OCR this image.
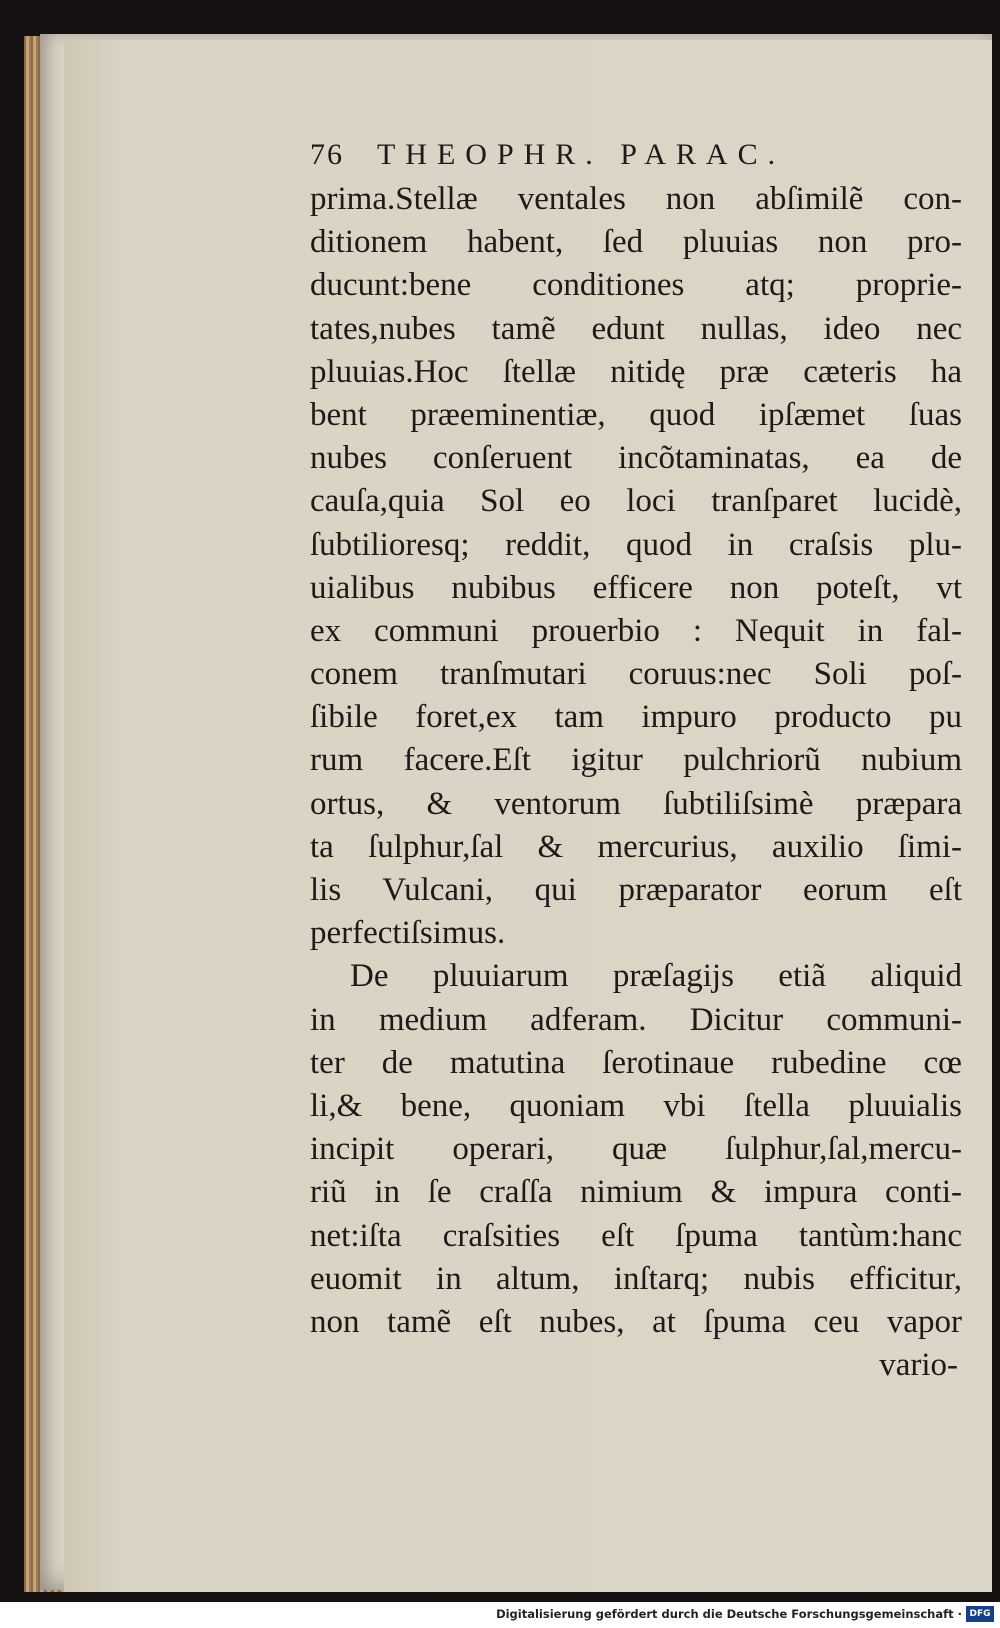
76 THEOPHR. PARAC.
prima.Stellæ ventales non abſimilẽ con-
ditionem habent, ſed pluuias non pro-
ducunt:bene conditiones atq; proprie-
tates,nubes tamẽ edunt nullas, ideo nec
pluuias.Hoc ſtellæ nitidę præ cæteris ha
bent præeminentiæ, quod ipſæmet ſuas
nubes conſeruent incõtaminatas, ea de
cauſa,quia Sol eo loci tranſparet lucidè,
ſubtilioresq; reddit, quod in craſsis plu-
uialibus nubibus efficere non poteſt, vt
ex communi prouerbio : Nequit in fal-
conem tranſmutari coruus:nec Soli poſ-
ſibile foret,ex tam impuro producto pu
rum facere.Eſt igitur pulchriorũ nubium
ortus, & ventorum ſubtiliſsimè præpara
ta ſulphur,ſal & mercurius, auxilio ſimi-
lis Vulcani, qui præparator eorum eſt
perfectiſsimus.
De pluuiarum præſagijs etiã aliquid
in medium adferam. Dicitur communi-
ter de matutina ſerotinaue rubedine cœ
li,& bene, quoniam vbi ſtella pluuialis
incipit operari, quæ ſulphur,ſal,mercu-
riũ in ſe craſſa nimium & impura conti-
net:iſta craſsities eſt ſpuma tantùm:hanc
euomit in altum, inſtarq; nubis efficitur,
non tamẽ eſt nubes, at ſpuma ceu vapor
vario-
Digitalisierung gefördert durch die Deutsche Forschungsgemeinschaft · DFG
